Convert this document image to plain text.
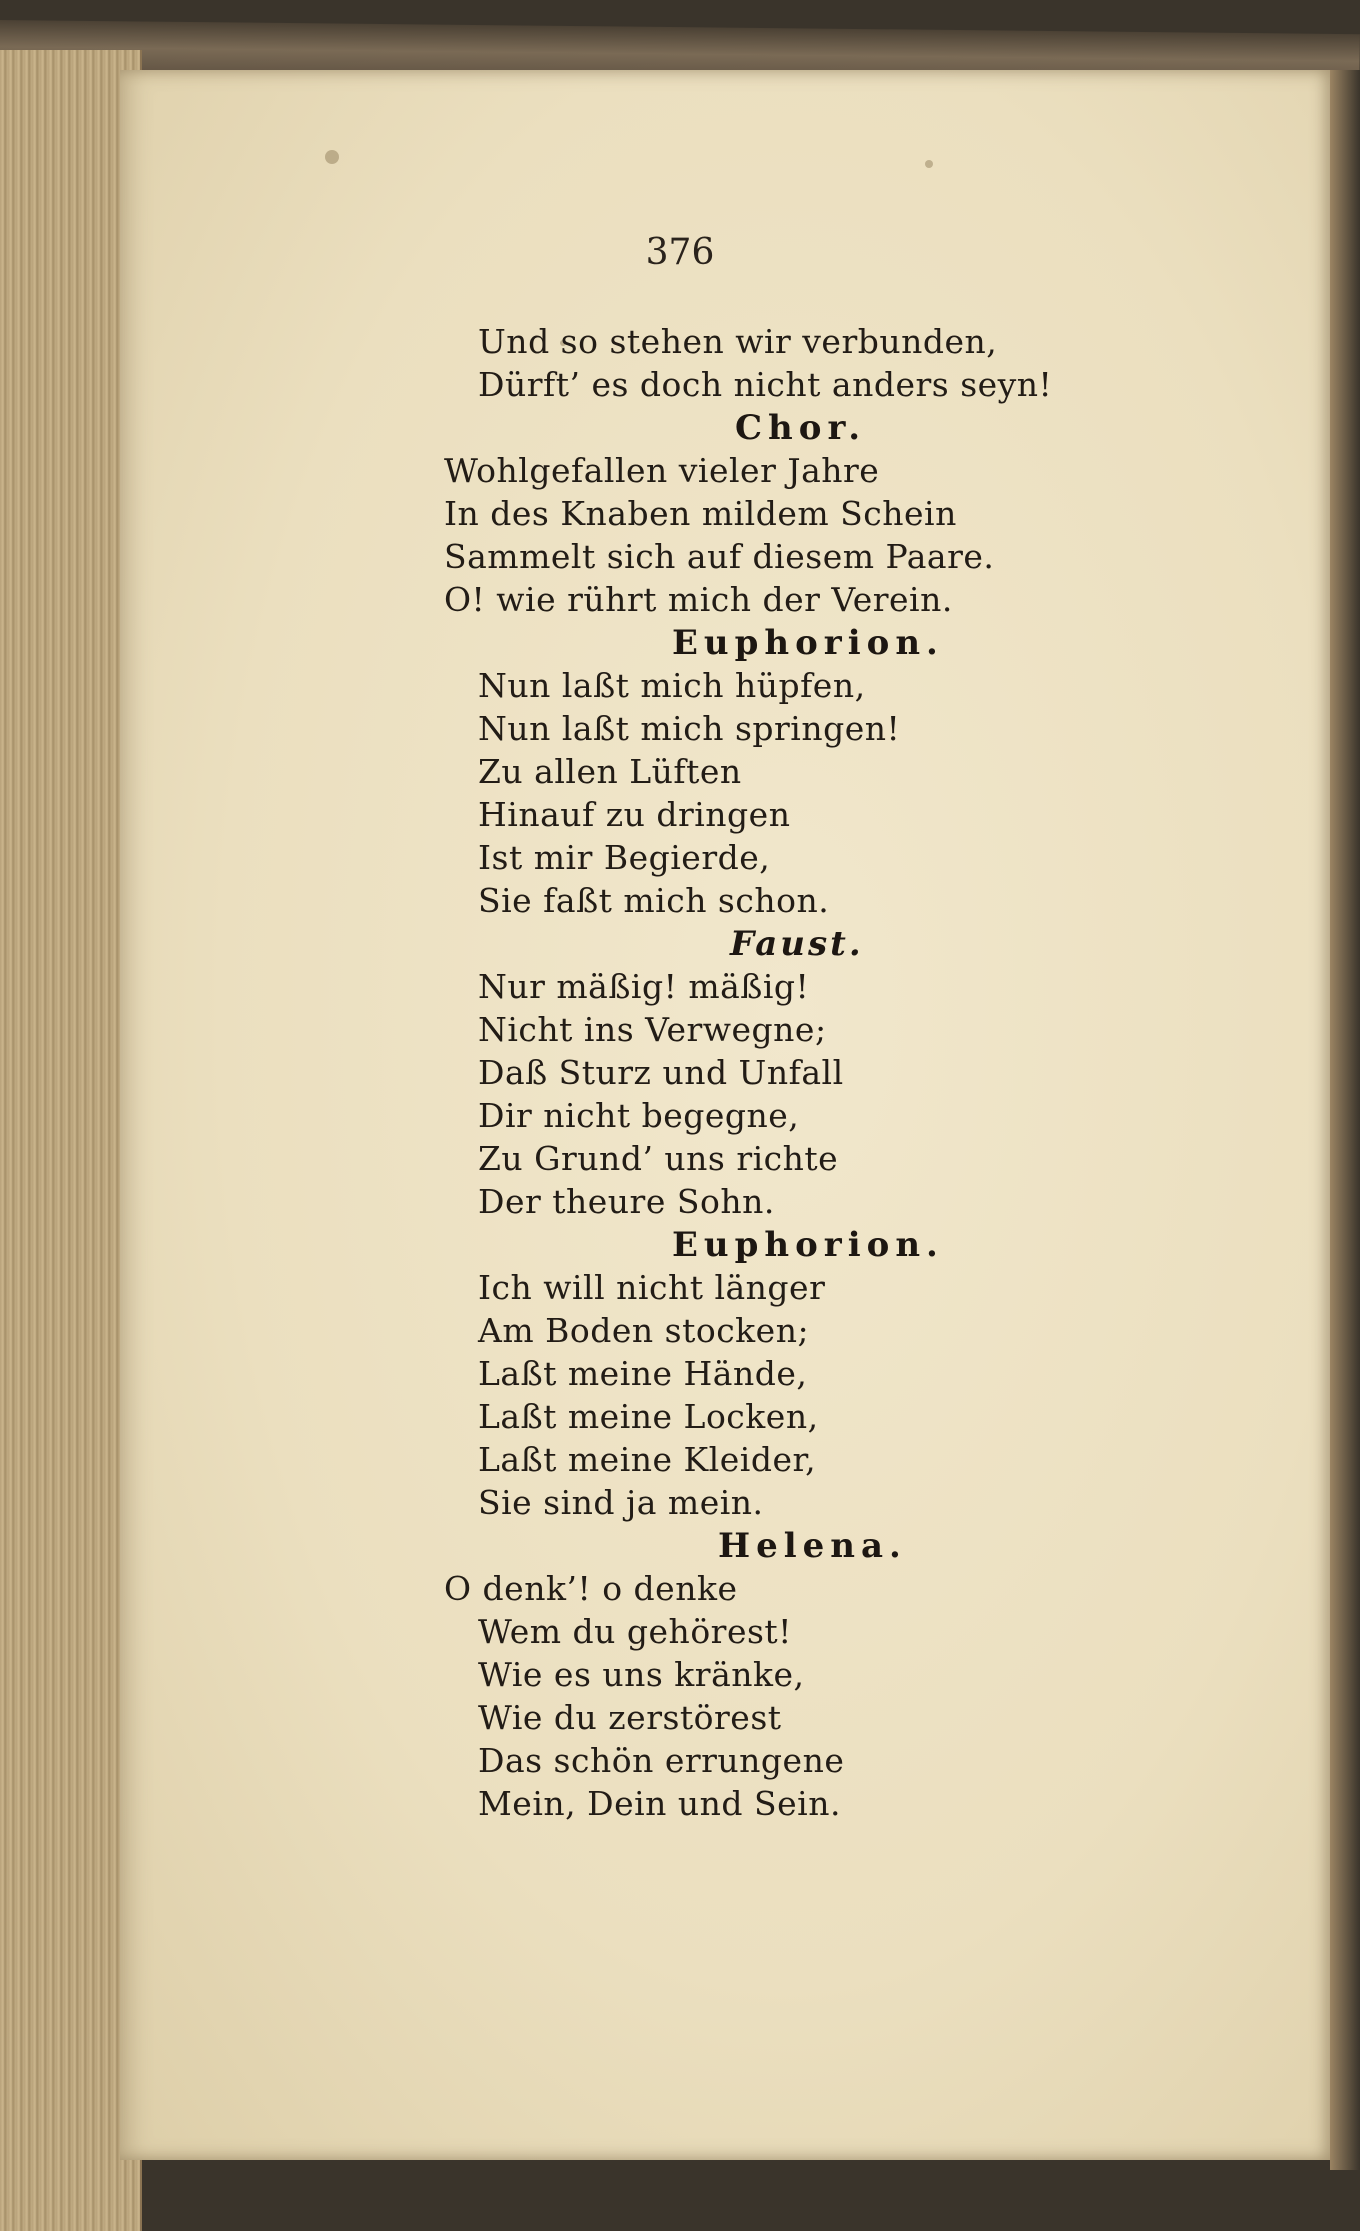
376
Und so stehen wir verbunden,
Dürft’ es doch nicht anders seyn!
Chor.
Wohlgefallen vieler Jahre
In des Knaben mildem Schein
Sammelt sich auf diesem Paare.
O! wie rührt mich der Verein.
Euphorion.
Nun laßt mich hüpfen,
Nun laßt mich springen!
Zu allen Lüften
Hinauf zu dringen
Ist mir Begierde,
Sie faßt mich schon.
Faust.
Nur mäßig! mäßig!
Nicht ins Verwegne;
Daß Sturz und Unfall
Dir nicht begegne,
Zu Grund’ uns richte
Der theure Sohn.
Euphorion.
Ich will nicht länger
Am Boden stocken;
Laßt meine Hände,
Laßt meine Locken,
Laßt meine Kleider,
Sie sind ja mein.
Helena.
O denk’! o denke
Wem du gehörest!
Wie es uns kränke,
Wie du zerstörest
Das schön errungene
Mein, Dein und Sein.
